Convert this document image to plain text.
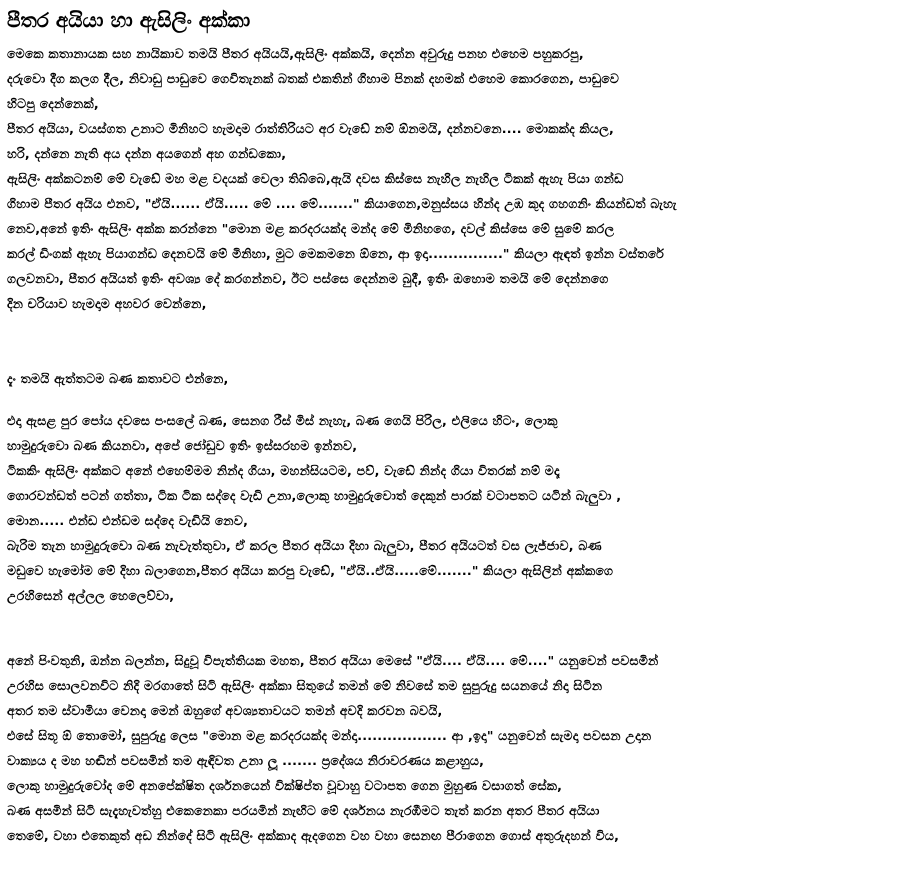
පීතර අයියා හා ඇසිලිං අක්කා
මෙකෙ කතානායක සහ නායිකාව තමයි පීතර අයියයි,ඇසිලිං අක්කයි, දෙන්න අවුරුදු පනහ එහෙම පහුකරපු,
දරුවො දීග කලග දීල, නිවාඩු පාඩුවෙ ගෙවිතැනක් බතක් එකතින් ගිහාම පිනක් දහමක් එහෙම කොරගෙන, පාඩුවෙ
හිටපු දෙන්නෙක්,
පීතර අයියා, වයස්ගත උනාට මිනිහට හැමදාම රාත්තිරියට අර වැඩේ නම් ඕනමයි, දන්නවනෙ.... මොකක්ද කියල,
හරි, දන්නෙ නැති අය දන්න අයගෙන් අහ ගන්ඩකො,
ඇසිලිං අක්කටනම් මේ වැඩේ මහ මළ වදයක් වෙලා තිබ්බෙ,ඇයි දවස කිස්සෙ නැහිල නැහිල ටිකක් ඇහැ පියා ගන්ඩ
ගිහාම පීතර අයිය එනව, "ඒයි...... ඒයි..... මේ .... මේ......." කියාගෙන,මනුස්සය හින්ද උඹ කුද ගහගනිං කියන්ඩත් බැහැ
නෙව,අනේ ඉතිං ඇසිලිං අක්ක කරන්නෙ "මොන මළ කරදරයක්ද මන්ද මේ මිනිහගෙ, දවල් කිස්සෙ මේ සුමේ කරල
කරල් ඩිංගක් ඇහැ පියාගන්ඩ දෙනවයි මේ මිනිහා, මුට මෙකමනෙ ඕනෙ, ආ ඉදා..............." කියලා ඇඳත් ඉන්න වස්තරේ
ගලවනවා, පීතර අයියත් ඉතිං අවශ්‍ය දේ කරගන්නව, ඊට පස්සෙ දෙන්නම බුදී, ඉතිං ඔහොම තමයි මේ දෙන්නගෙ
දින චරියාව හැමදාම අහවර වෙන්නෙ,
දැං තමයි ඇත්තටම බණ කතාවට එන්නෙ,
එදා ඇසළ පුර පෝය දවසෙ පංසලේ බණ, සෙනග රීස් මිස් නැහැ, බණ ගෙයි පිරිල, එලියෙ හිටං, ලොකු
හාමුදුරුවො බණ කියනවා, අපේ ජෝඩුව ඉතිං ඉස්සරහම ඉන්නව,
ටිකකිං ඇසිලිං අක්කට අනේ එහෙම්මම නින්ද ගියා, මහන්සියටම, පව්, වැඩේ නින්ද ගියා විතරක් නම් මදෑ
ගොරවන්ඩත් පටන් ගත්තා, ටික ටික සද්දෙ වැඩි උනා,ලොකු හාමුදුරුවොත් දෙකුන් පාරක් වටාපතට යටින් බැලුවා ,
මොන..... එන්ඩ එන්ඩම සද්දෙ වැඩියි නෙව,
බැරිම තැන හාමුදුරුවො බණ නැවැත්තුවා, ඒ කරල පීතර අයියා දිහා බැලුවා, පීතර අයියටත් වස ලැජ්ජාව, බණ
මඩුවෙ හැමෝම මේ දිහා බලාගෙන,පීතර අයියා කරපු වැඩේ, "ඒයි..ඒයි.....මේ......." කියලා ඇසිලින් අක්කගෙ
උරහිසෙන් අල්ලල හෙලෙව්වා,
අනේ පිංවතුනි, ඔන්න බලන්න, සිදුවූ විපැත්තියක මහත, පීතර අයියා මෙසේ "ඒයි.... ඒයි.... මේ...." යනුවෙන් පවසමින්
උරහිස සොලවනවිට නිදි මරගාතේ සිටි ඇසිලිං අක්කා සිතුයේ තමන් මේ නිවසේ තම සුපුරුදු සයනයේ නිදා සිටින
අතර තම ස්වාමියා වෙනදා මෙන් ඔහුගේ අවශ්‍යතාවයට තමන් අවදි කරවන බවයි,
එසේ සිතූ ඕ තොමෝ, සුපුරුදු ලෙස "මොන මළ කරදරයක්ද මන්දා.................. ආ ,ඉදා" යනුවෙන් සැමදා පවසන උදාන
වාක්‍යය ද මහ හඬින් පවසමින් තම ඇඳිවත උනා ලූ ....... ප්‍රදේශය නිරාවරණය කළාහුය,
ලොකු හාමුදුරුවෝද මේ අනපේක්ෂිත දර්ශනයෙන් වික්ෂිප්ත වූවාහු වටාපත ගෙන මුහුණ වසාගත් සේක,
බණ අසමින් සිටි සැදැහැවත්හු එකෙනෙකා පරයමින් නැඟිට මේ දර්ශනය නැරඹීමට තැත් කරන අතර පීතර අයියා
තෙමේ, වහා එතෙකුත් අඩ නින්දේ සිටි ඇසිලිං අක්කාද ඇදගෙන වහ වහා සෙනඟ පීරාගෙන ගොස් අතුරුදහන් විය,
